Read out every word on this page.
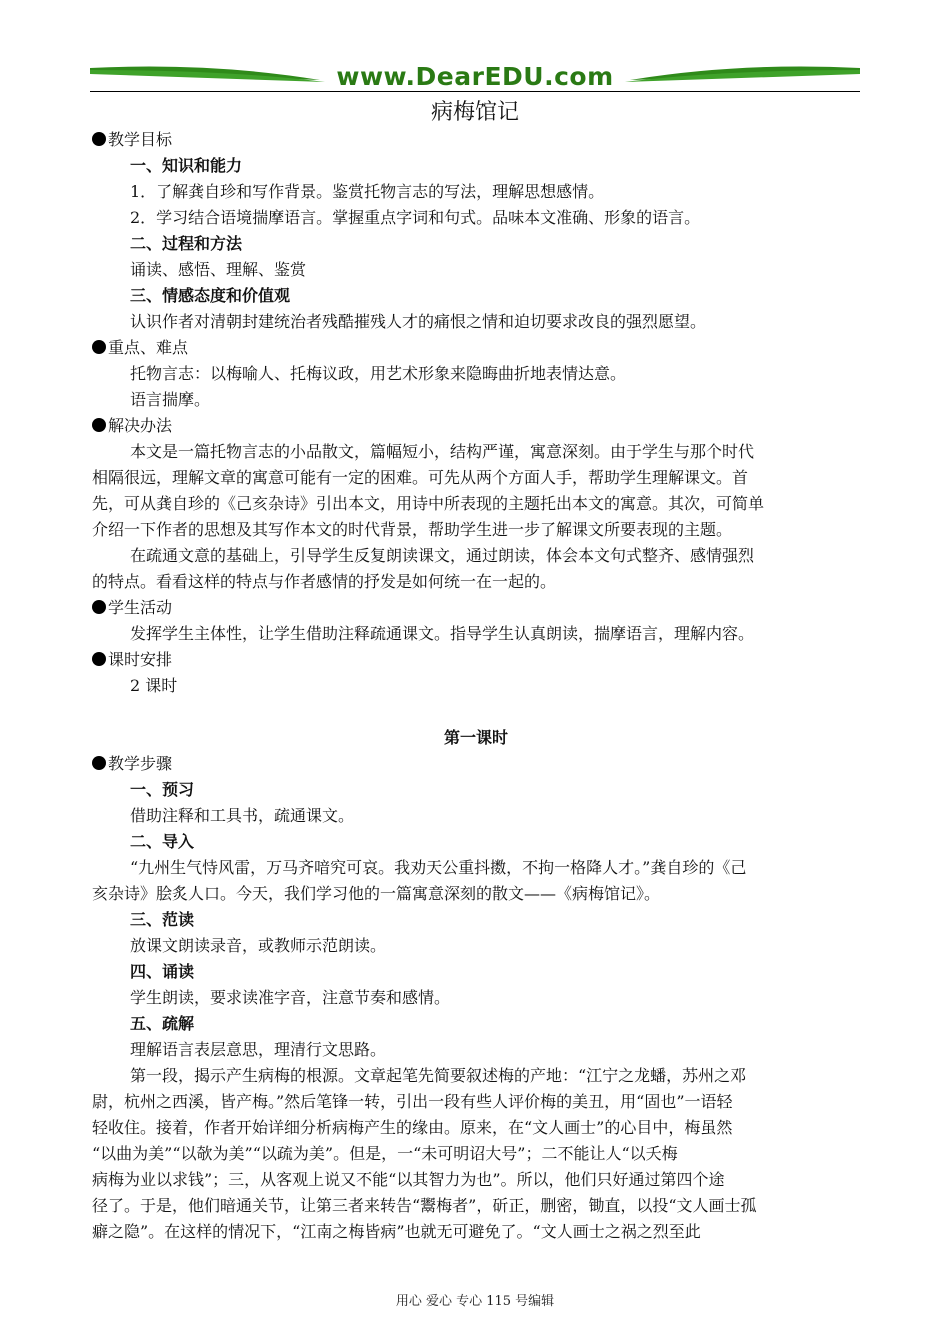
www.DearEDU.com
病梅馆记
教学目标
一、知识和能力
1．了解龚自珍和写作背景。鉴赏托物言志的写法，理解思想感情。
2．学习结合语境揣摩语言。掌握重点字词和句式。品味本文准确、形象的语言。
二、过程和方法
诵读、感悟、理解、鉴赏
三、情感态度和价值观
认识作者对清朝封建统治者残酷摧残人才的痛恨之情和迫切要求改良的强烈愿望。
重点、难点
托物言志：以梅喻人、托梅议政，用艺术形象来隐晦曲折地表情达意。
语言揣摩。
解决办法
本文是一篇托物言志的小品散文，篇幅短小，结构严谨，寓意深刻。由于学生与那个时代
相隔很远，理解文章的寓意可能有一定的困难。可先从两个方面人手，帮助学生理解课文。首
先，可从龚自珍的《己亥杂诗》引出本文，用诗中所表现的主题托出本文的寓意。其次，可简单
介绍一下作者的思想及其写作本文的时代背景，帮助学生进一步了解课文所要表现的主题。
在疏通文意的基础上，引导学生反复朗读课文，通过朗读，体会本文句式整齐、感情强烈
的特点。看看这样的特点与作者感情的抒发是如何统一在一起的。
学生活动
发挥学生主体性，让学生借助注释疏通课文。指导学生认真朗读，揣摩语言，理解内容。
课时安排
2 课时
第一课时
教学步骤
一、预习
借助注释和工具书，疏通课文。
二、导入
“九州生气恃风雷，万马齐喑究可哀。我劝天公重抖擞，不拘一格降人才。”龚自珍的《己
亥杂诗》脍炙人口。今天，我们学习他的一篇寓意深刻的散文——《病梅馆记》。
三、范读
放课文朗读录音，或教师示范朗读。
四、诵读
学生朗读，要求读准字音，注意节奏和感情。
五、疏解
理解语言表层意思，理清行文思路。
第一段，揭示产生病梅的根源。文章起笔先简要叙述梅的产地：“江宁之龙蟠，苏州之邓
尉，杭州之西溪，皆产梅。”然后笔锋一转，引出一段有些人评价梅的美丑，用“固也”一语轻
轻收住。接着，作者开始详细分析病梅产生的缘由。原来，在“文人画士”的心目中，梅虽然
“以曲为美”“以欹为美”“以疏为美”。但是，一“未可明诏大号”；二不能让人“以夭梅
病梅为业以求钱”；三，从客观上说又不能“以其智力为也”。所以，他们只好通过第四个途
径了。于是，他们暗通关节，让第三者来转告“鬻梅者”，斫正，删密，锄直，以投“文人画士孤
癖之隐”。在这样的情况下，“江南之梅皆病”也就无可避免了。“文人画士之祸之烈至此
用心 爱心 专心 115 号编辑
